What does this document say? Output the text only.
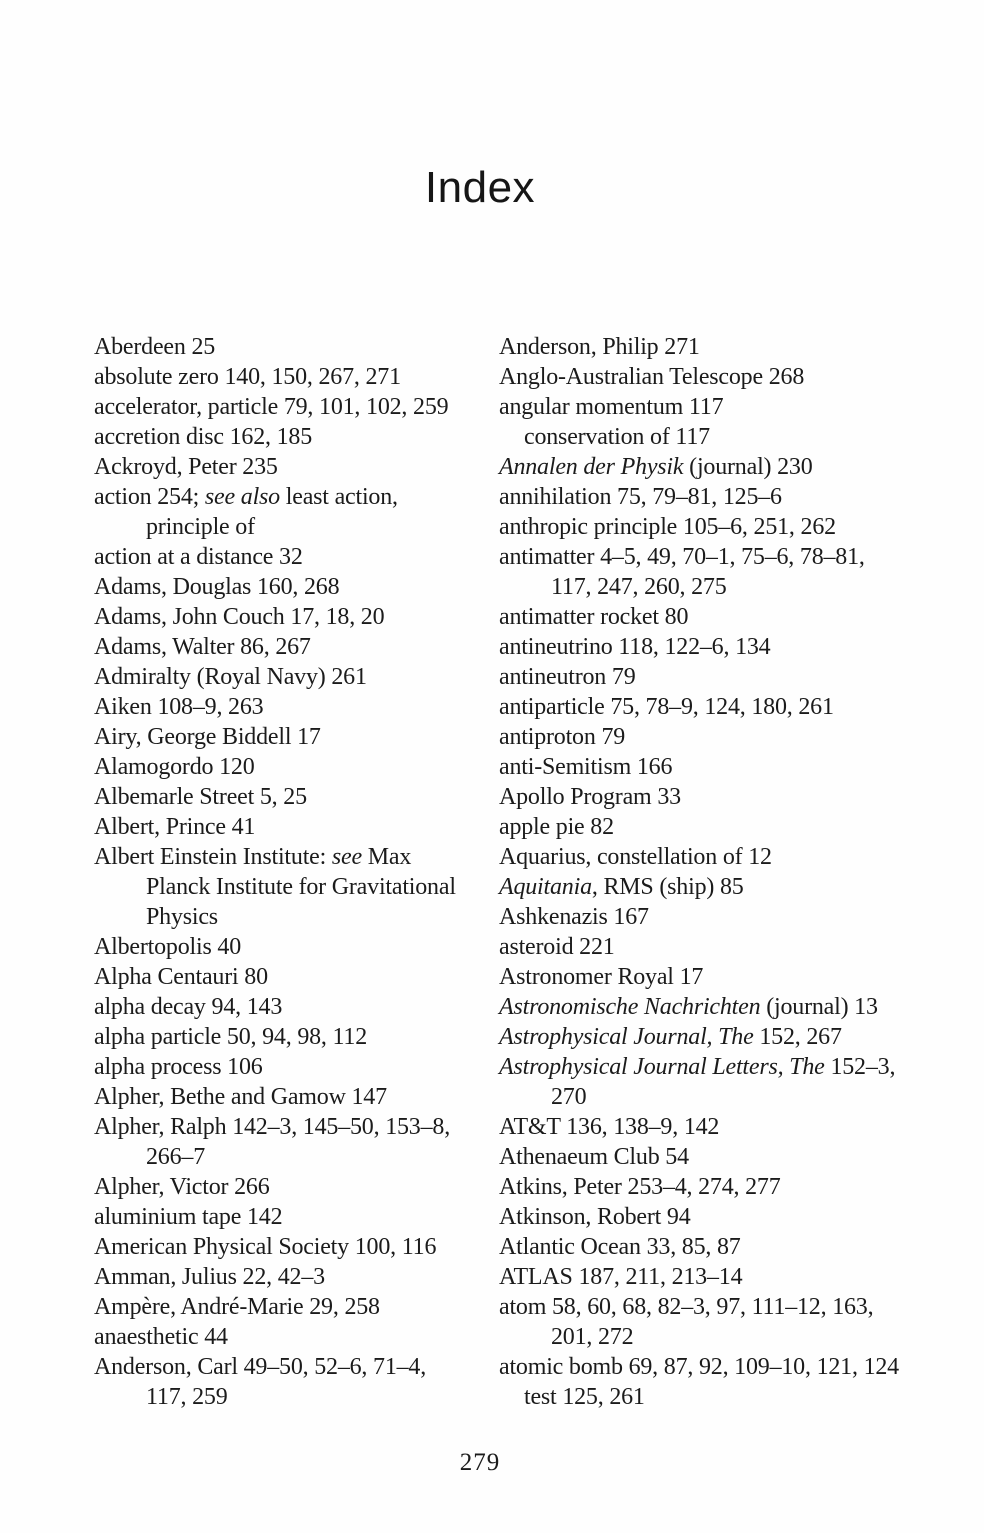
Index
Aberdeen 25
absolute zero 140, 150, 267, 271
accelerator, particle 79, 101, 102, 259
accretion disc 162, 185
Ackroyd, Peter 235
action 254; see also least action,
principle of
action at a distance 32
Adams, Douglas 160, 268
Adams, John Couch 17, 18, 20
Adams, Walter 86, 267
Admiralty (Royal Navy) 261
Aiken 108–9, 263
Airy, George Biddell 17
Alamogordo 120
Albemarle Street 5, 25
Albert, Prince 41
Albert Einstein Institute: see Max
Planck Institute for Gravitational
Physics
Albertopolis 40
Alpha Centauri 80
alpha decay 94, 143
alpha particle 50, 94, 98, 112
alpha process 106
Alpher, Bethe and Gamow 147
Alpher, Ralph 142–3, 145–50, 153–8,
266–7
Alpher, Victor 266
aluminium tape 142
American Physical Society 100, 116
Amman, Julius 22, 42–3
Ampère, André-Marie 29, 258
anaesthetic 44
Anderson, Carl 49–50, 52–6, 71–4,
117, 259
Anderson, Philip 271
Anglo-Australian Telescope 268
angular momentum 117
conservation of 117
Annalen der Physik (journal) 230
annihilation 75, 79–81, 125–6
anthropic principle 105–6, 251, 262
antimatter 4–5, 49, 70–1, 75–6, 78–81,
117, 247, 260, 275
antimatter rocket 80
antineutrino 118, 122–6, 134
antineutron 79
antiparticle 75, 78–9, 124, 180, 261
antiproton 79
anti-Semitism 166
Apollo Program 33
apple pie 82
Aquarius, constellation of 12
Aquitania, RMS (ship) 85
Ashkenazis 167
asteroid 221
Astronomer Royal 17
Astronomische Nachrichten (journal) 13
Astrophysical Journal, The 152, 267
Astrophysical Journal Letters, The 152–3,
270
AT&T 136, 138–9, 142
Athenaeum Club 54
Atkins, Peter 253–4, 274, 277
Atkinson, Robert 94
Atlantic Ocean 33, 85, 87
ATLAS 187, 211, 213–14
atom 58, 60, 68, 82–3, 97, 111–12, 163,
201, 272
atomic bomb 69, 87, 92, 109–10, 121, 124
test 125, 261
279
